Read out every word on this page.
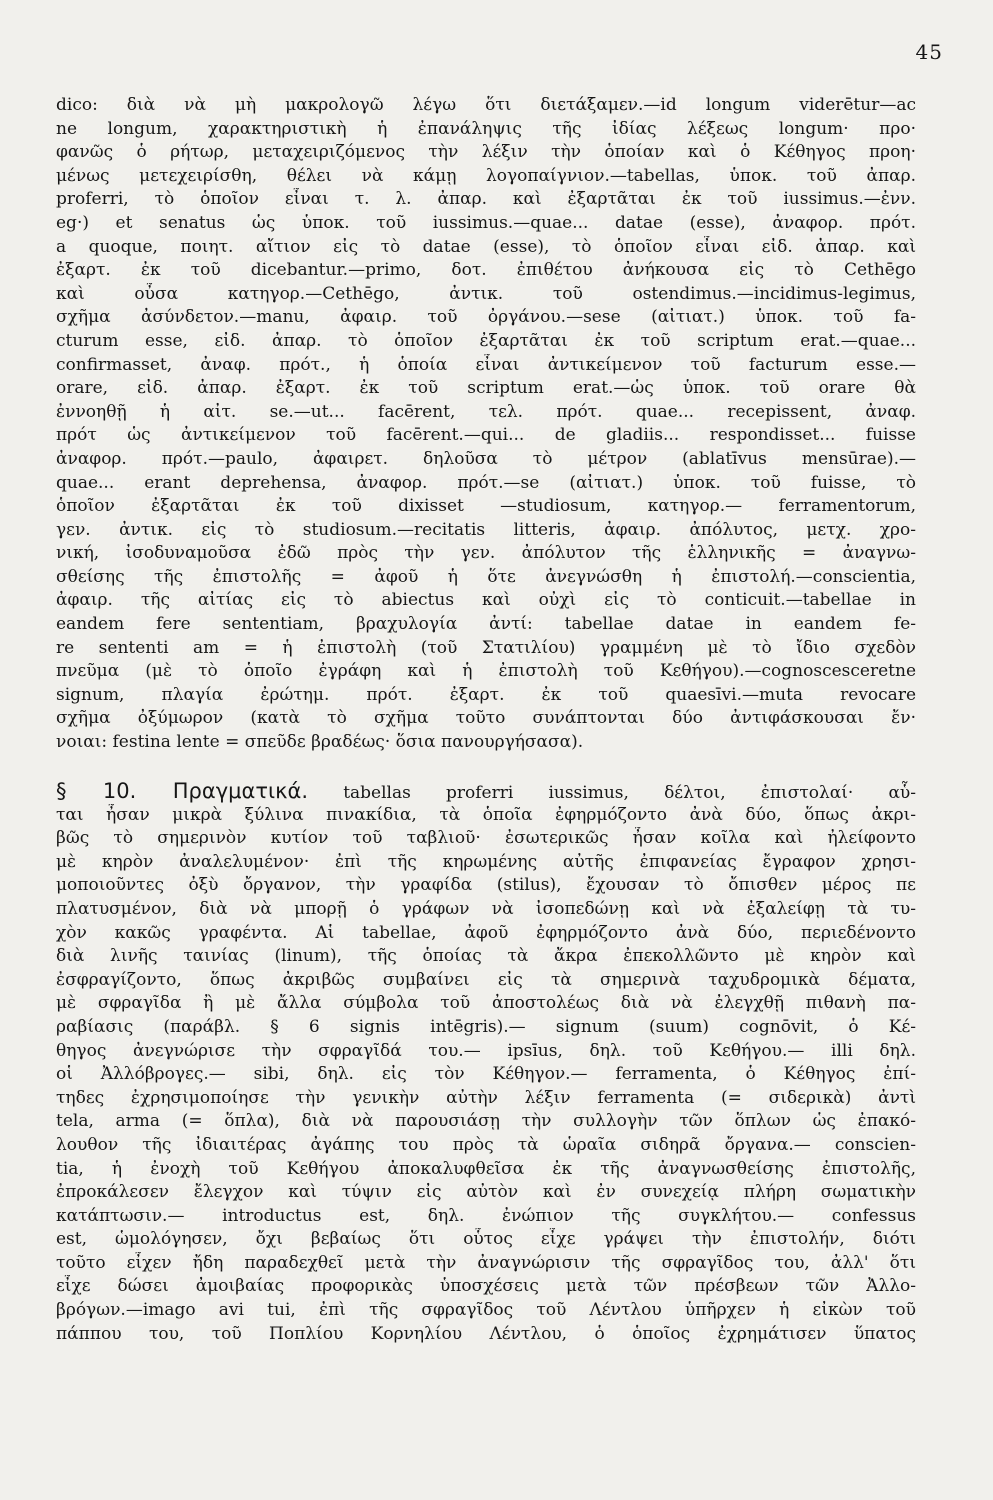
45
dico: διὰ νὰ μὴ μακρολογῶ λέγω ὅτι διετάξαμεν.—id longum viderētur—ac
ne longum, χαρακτηριστικὴ ἡ ἐπανάληψις τῆς ἰδίας λέξεως longum· προ·
φανῶς ὁ ρήτωρ, μεταχειριζόμενος τὴν λέξιν τὴν ὁποίαν καὶ ὁ Κέθηγος προη·
μένως μετεχειρίσθη, θέλει νὰ κάμῃ λογοπαίγνιον.—tabellas, ὑποκ. τοῦ ἀπαρ.
proferri, τὸ ὁποῖον εἶναι τ. λ. ἀπαρ. καὶ ἐξαρτᾶται ἐκ τοῦ iussimus.—ἐνν.
eg·) et senatus ὡς ὑποκ. τοῦ iussimus.—quae... datae (esse), ἀναφορ. πρότ.
a quoque, ποιητ. αἴτιον εἰς τὸ datae (esse), τὸ ὁποῖον εἶναι εἰδ. ἀπαρ. καὶ
ἐξαρτ. ἐκ τοῦ dicebantur.—primo, δοτ. ἐπιθέτου ἀνήκουσα εἰς τὸ Cethēgo
καὶ οὖσα κατηγορ.—Cethēgo, ἀντικ. τοῦ ostendimus.—incidimus-legimus,
σχῆμα ἀσύνδετον.—manu, ἀφαιρ. τοῦ ὀργάνου.—sese (αἰτιατ.) ὑποκ. τοῦ fa-
cturum esse, εἰδ. ἀπαρ. τὸ ὁποῖον ἐξαρτᾶται ἐκ τοῦ scriptum erat.—quae...
confirmasset, ἀναφ. πρότ., ἡ ὁποία εἶναι ἀντικείμενον τοῦ facturum esse.—
orare, εἰδ. ἀπαρ. ἐξαρτ. ἐκ τοῦ scriptum erat.—ὡς ὑποκ. τοῦ orare θὰ
ἐννοηθῇ ἡ αἰτ. se.—ut... facērent, τελ. πρότ. quae... recepissent, ἀναφ.
πρότ ὡς ἀντικείμενον τοῦ facērent.—qui... de gladiis... respondisset... fuisse
ἀναφορ. πρότ.—paulo, ἀφαιρετ. δηλοῦσα τὸ μέτρον (ablatīvus mensūrae).—
quae... erant deprehensa, ἀναφορ. πρότ.—se (αἰτιατ.) ὑποκ. τοῦ fuisse, τὸ
ὁποῖον ἐξαρτᾶται ἐκ τοῦ dixisset —studiosum, κατηγορ.— ferramentorum,
γεν. ἀντικ. εἰς τὸ studiosum.—recitatis litteris, ἀφαιρ. ἀπόλυτος, μετχ. χρο-
νική, ἰσοδυναμοῦσα ἐδῶ πρὸς τὴν γεν. ἀπόλυτον τῆς ἑλληνικῆς = ἀναγνω-
σθείσης τῆς ἐπιστολῆς = ἀφοῦ ἡ ὅτε ἀνεγνώσθη ἡ ἐπιστολή.—conscientia,
ἀφαιρ. τῆς αἰτίας εἰς τὸ abiectus καὶ οὐχὶ εἰς τὸ conticuit.—tabellae in
eandem fere sententiam, βραχυλογία ἀντί: tabellae datae in eandem fe-
re sententi am = ἡ ἐπιστολὴ (τοῦ Στατιλίου) γραμμένη μὲ τὸ ἴδιο σχεδὸν
πνεῦμα (μὲ τὸ ὁποῖο ἐγράφη καὶ ἡ ἐπιστολὴ τοῦ Κεθήγου).—cognoscesceretne
signum, πλαγία ἐρώτημ. πρότ. ἐξαρτ. ἐκ τοῦ quaesīvi.—muta revocare
σχῆμα ὀξύμωρον (κατὰ τὸ σχῆμα τοῦτο συνάπτονται δύο ἀντιφάσκουσαι ἔν·
νοιαι: festina lente = σπεῦδε βραδέως· ὅσια πανουργήσασα).
§ 10. Πραγματικά. tabellas proferri iussimus, δέλτοι, ἐπιστολαί· αὗ-
ται ἦσαν μικρὰ ξύλινα πινακίδια, τὰ ὁποῖα ἐφηρμόζοντο ἀνὰ δύο, ὅπως ἀκρι-
βῶς τὸ σημερινὸν κυτίον τοῦ ταβλιοῦ· ἐσωτερικῶς ἦσαν κοῖλα καὶ ἠλείφοντο
μὲ κηρὸν ἀναλελυμένον· ἐπὶ τῆς κηρωμένης αὐτῆς ἐπιφανείας ἔγραφον χρησι-
μοποιοῦντες ὀξὺ ὄργανον, τὴν γραφίδα (stilus), ἔχουσαν τὸ ὄπισθεν μέρος πε
πλατυσμένον, διὰ νὰ μπορῇ ὁ γράφων νὰ ἰσοπεδώνῃ καὶ νὰ ἐξαλείφῃ τὰ τυ-
χὸν κακῶς γραφέντα. Αἱ tabellae, ἀφοῦ ἐφηρμόζοντο ἀνὰ δύο, περιεδένοντο
διὰ λινῆς ταινίας (linum), τῆς ὁποίας τὰ ἄκρα ἐπεκολλῶντο μὲ κηρὸν καὶ
ἐσφραγίζοντο, ὅπως ἀκριβῶς συμβαίνει εἰς τὰ σημερινὰ ταχυδρομικὰ δέματα,
μὲ σφραγῖδα ἢ μὲ ἄλλα σύμβολα τοῦ ἀποστολέως διὰ νὰ ἐλεγχθῇ πιθανὴ πα-
ραβίασις (παράβλ. § 6 signis intēgris).— signum (suum) cognōvit, ὁ Κέ-
θηγος ἀνεγνώρισε τὴν σφραγῖδά του.— ipsīus, δηλ. τοῦ Κεθήγου.— illi δηλ.
οἱ Ἀλλόβρογες.— sibi, δηλ. εἰς τὸν Κέθηγον.— ferramenta, ὁ Κέθηγος ἐπί-
τηδες ἐχρησιμοποίησε τὴν γενικὴν αὐτὴν λέξιν ferramenta (= σιδερικὰ) ἀντὶ
tela, arma (= ὅπλα), διὰ νὰ παρουσιάσῃ τὴν συλλογὴν τῶν ὅπλων ὡς ἐπακό-
λουθον τῆς ἰδιαιτέρας ἀγάπης του πρὸς τὰ ὡραῖα σιδηρᾶ ὄργανα.— conscien-
tia, ἡ ἐνοχὴ τοῦ Κεθήγου ἀποκαλυφθεῖσα ἐκ τῆς ἀναγνωσθείσης ἐπιστολῆς,
ἐπροκάλεσεν ἔλεγχον καὶ τύψιν εἰς αὐτὸν καὶ ἐν συνεχείᾳ πλήρη σωματικὴν
κατάπτωσιν.— introductus est, δηλ. ἐνώπιον τῆς συγκλήτου.— confessus
est, ὡμολόγησεν, ὄχι βεβαίως ὅτι οὗτος εἶχε γράψει τὴν ἐπιστολήν, διότι
τοῦτο εἶχεν ἤδη παραδεχθεῖ μετὰ τὴν ἀναγνώρισιν τῆς σφραγῖδος του, ἀλλ' ὅτι
εἶχε δώσει ἀμοιβαίας προφορικὰς ὑποσχέσεις μετὰ τῶν πρέσβεων τῶν Ἀλλο-
βρόγων.—imago avi tui, ἐπὶ τῆς σφραγῖδος τοῦ Λέντλου ὑπῆρχεν ἡ εἰκὼν τοῦ
πάππου του, τοῦ Ποπλίου Κορνηλίου Λέντλου, ὁ ὁποῖος ἐχρημάτισεν ὕπατος
